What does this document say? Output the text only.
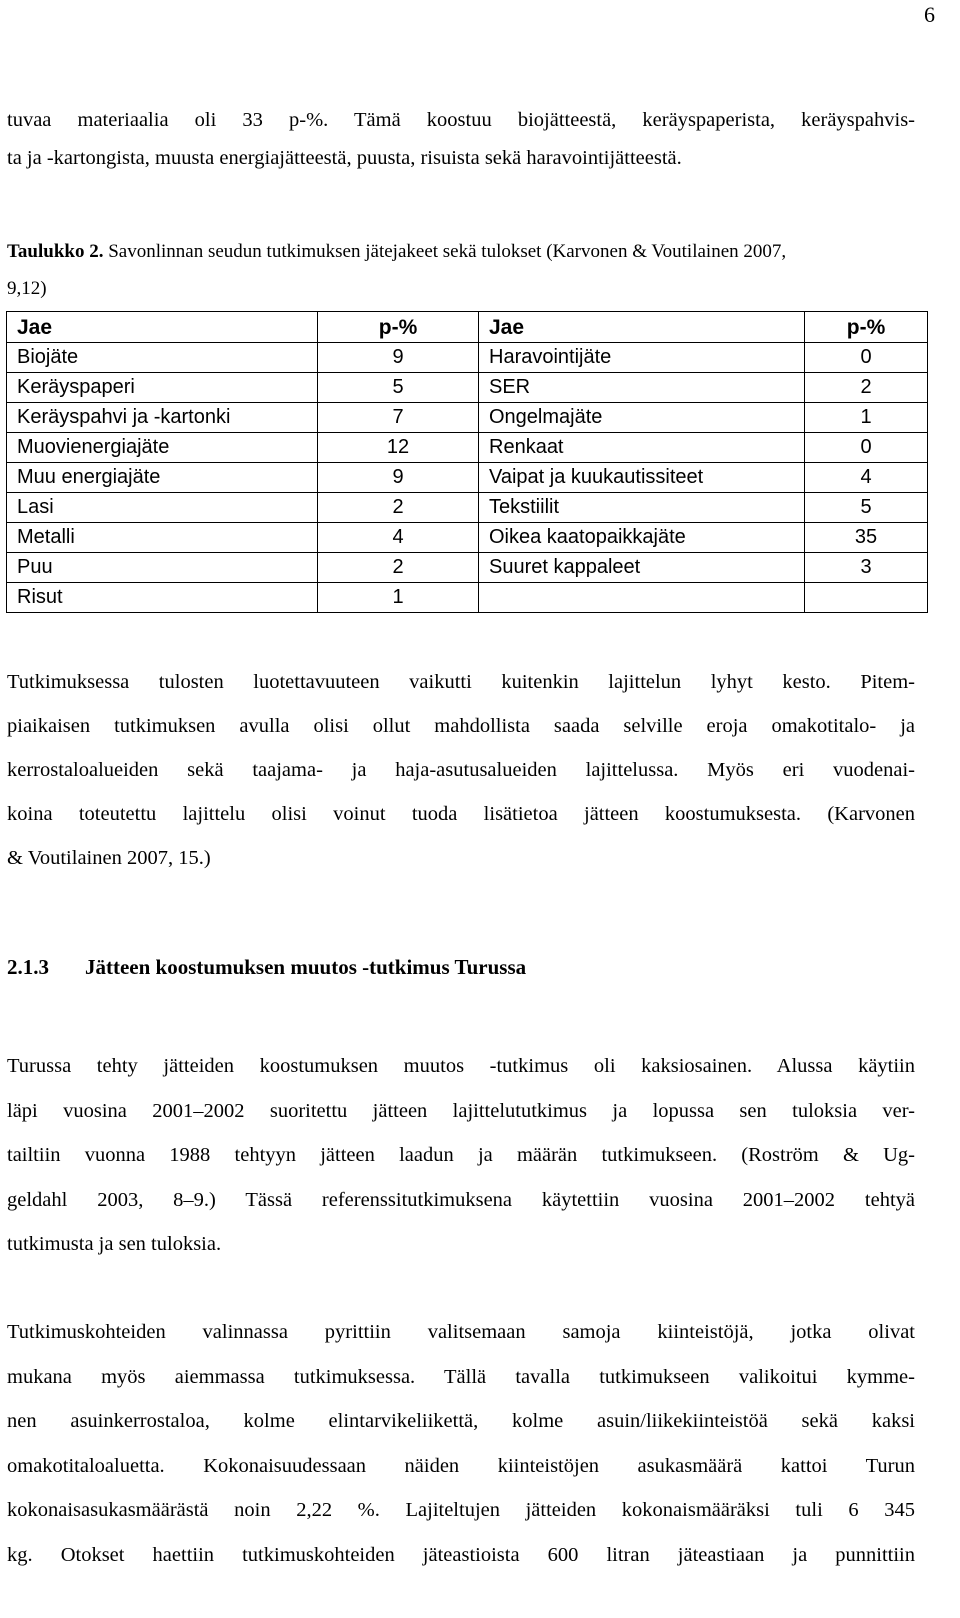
6
tuvaa materiaalia oli 33 p-%. Tämä koostuu biojätteestä, keräyspaperista, keräyspahvis-
ta ja -kartongista, muusta energiajätteestä, puusta, risuista sekä haravointijätteestä.
Taulukko 2. Savonlinnan seudun tutkimuksen jätejakeet sekä tulokset (Karvonen & Voutilainen 2007,
9,12)
Jae	p-%	Jae	p-%
Biojäte	9	Haravointijäte	0
Keräyspaperi	5	SER	2
Keräyspahvi ja -kartonki	7	Ongelmajäte	1
Muovienergiajäte	12	Renkaat	0
Muu energiajäte	9	Vaipat ja kuukautissiteet	4
Lasi	2	Tekstiilit	5
Metalli	4	Oikea kaatopaikkajäte	35
Puu	2	Suuret kappaleet	3
Risut	1		
Tutkimuksessa tulosten luotettavuuteen vaikutti kuitenkin lajittelun lyhyt kesto. Pitem-
piaikaisen tutkimuksen avulla olisi ollut mahdollista saada selville eroja omakotitalo- ja
kerrostaloalueiden sekä taajama- ja haja-asutusalueiden lajittelussa. Myös eri vuodenai-
koina toteutettu lajittelu olisi voinut tuoda lisätietoa jätteen koostumuksesta. (Karvonen
& Voutilainen 2007, 15.)
2.1.3 Jätteen koostumuksen muutos -tutkimus Turussa
Turussa tehty jätteiden koostumuksen muutos -tutkimus oli kaksiosainen. Alussa käytiin
läpi vuosina 2001–2002 suoritettu jätteen lajittelututkimus ja lopussa sen tuloksia ver-
tailtiin vuonna 1988 tehtyyn jätteen laadun ja määrän tutkimukseen. (Roström & Ug-
geldahl 2003, 8–9.) Tässä referenssitutkimuksena käytettiin vuosina 2001–2002 tehtyä
tutkimusta ja sen tuloksia.
Tutkimuskohteiden valinnassa pyrittiin valitsemaan samoja kiinteistöjä, jotka olivat
mukana myös aiemmassa tutkimuksessa. Tällä tavalla tutkimukseen valikoitui kymme-
nen asuinkerrostaloa, kolme elintarvikeliikettä, kolme asuin/liikekiinteistöä sekä kaksi
omakotitaloaluetta. Kokonaisuudessaan näiden kiinteistöjen asukasmäärä kattoi Turun
kokonaisasukasmäärästä noin 2,22 %. Lajiteltujen jätteiden kokonaismääräksi tuli 6 345
kg. Otokset haettiin tutkimuskohteiden jäteastioista 600 litran jäteastiaan ja punnittiin
